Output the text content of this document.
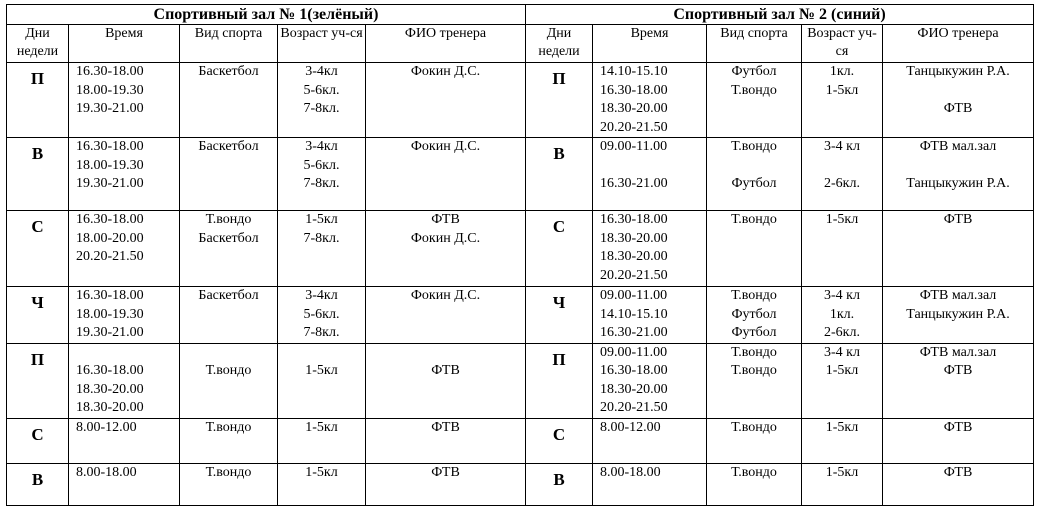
Спортивный зал № 1(зелёный)					Спортивный зал № 2 (синий)				
Дни недели	Время	Вид спорта	Возраст уч-ся	ФИО тренера	Дни недели	Время	Вид спорта	Возраст уч-ся	ФИО тренера

П	16.30-18.00
18.00-19.30
19.30-21.00	Баскетбол	3-4кл
5-6кл.
7-8кл.	Фокин Д.С.	П	14.10-15.10
16.30-18.00
18.30-20.00
20.20-21.50	Футбол
Т.вондо	1кл.
1-5кл	Танцыкужин Р.А.
ФТВ

В	16.30-18.00
18.00-19.30
19.30-21.00	Баскетбол	3-4кл
5-6кл.
7-8кл.	Фокин Д.С.	В	09.00-11.00
16.30-21.00	Т.вондо
Футбол	3-4 кл
2-6кл.	ФТВ мал.зал
Танцыкужин Р.А.

С	16.30-18.00
18.00-20.00
20.20-21.50	Т.вондо
Баскетбол	1-5кл
7-8кл.	ФТВ
Фокин Д.С.	С	16.30-18.00
18.30-20.00
18.30-20.00
20.20-21.50	Т.вондо	1-5кл	ФТВ

Ч	16.30-18.00
18.00-19.30
19.30-21.00	Баскетбол	3-4кл
5-6кл.
7-8кл.	Фокин Д.С.	Ч	09.00-11.00
14.10-15.10
16.30-21.00	Т.вондо
Футбол
Футбол	3-4 кл
1кл.
2-6кл.	ФТВ мал.зал
Танцыкужин Р.А.

П	16.30-18.00
18.30-20.00
18.30-20.00	Т.вондо	1-5кл	ФТВ	П	09.00-11.00
16.30-18.00
18.30-20.00
20.20-21.50	Т.вондо
Т.вондо	3-4 кл
1-5кл	ФТВ мал.зал
ФТВ

С	8.00-12.00	Т.вондо	1-5кл	ФТВ	С	8.00-12.00	Т.вондо	1-5кл	ФТВ

В	8.00-18.00	Т.вондо	1-5кл	ФТВ	В	8.00-18.00	Т.вондо	1-5кл	ФТВ
